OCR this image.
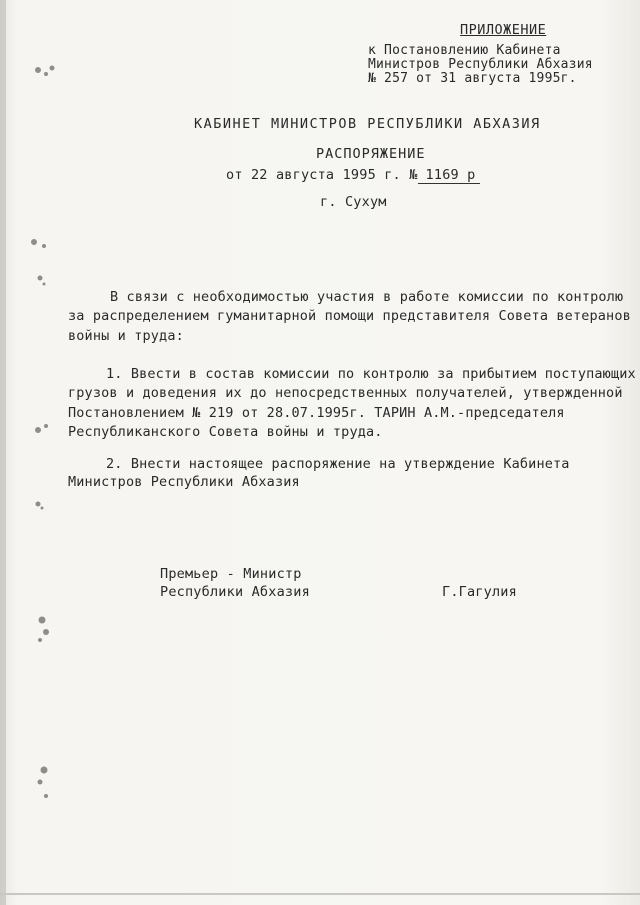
ПРИЛОЖЕНИЕ
к Постановлению Кабинета
Министров Республики Абхазия
№ 257 от 31 августа 1995г.
КАБИНЕТ МИНИСТРОВ РЕСПУБЛИКИ АБХАЗИЯ
РАСПОРЯЖЕНИЕ
от 22 августа 1995 г. № 1169 р
г. Сухум
В связи с необходимостью участия в работе комиссии по контролю
за распределением гуманитарной помощи представителя Совета ветеранов
войны и труда:
1. Ввести в состав комиссии по контролю за прибытием поступающих
грузов и доведения их до непосредственных получателей, утвержденной
Постановлением № 219 от 28.07.1995г. ТАРИН А.М.-председателя
Республиканского Совета войны и труда.
2. Внести настоящее распоряжение на утверждение Кабинета
Министров Республики Абхазия
Премьер - Министр
Республики Абхазия	Г.Гагулия
